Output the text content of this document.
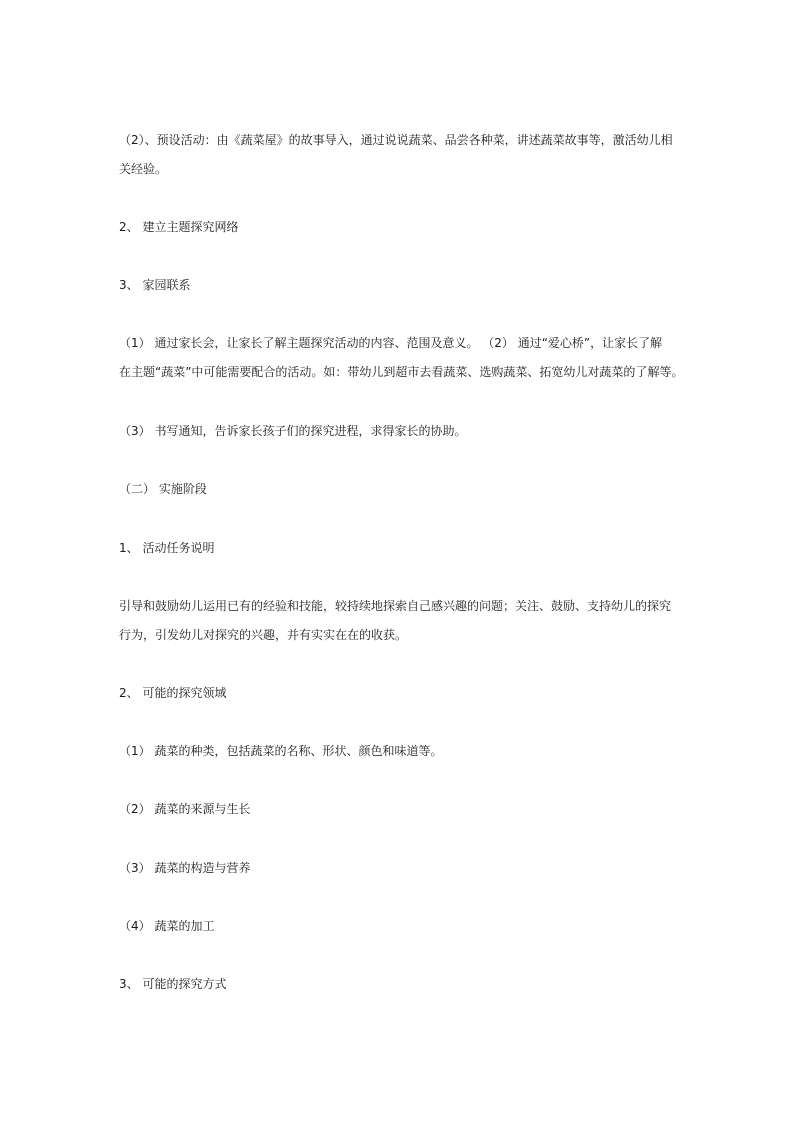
（2）、预设活动：由《蔬菜屋》的故事导入，通过说说蔬菜、品尝各种菜，讲述蔬菜故事等，激活幼儿相
关经验。
2、 建立主题探究网络
3、 家园联系
（1） 通过家长会，让家长了解主题探究活动的内容、范围及意义。 （2） 通过“爱心桥”，让家长了解
在主题“蔬菜”中可能需要配合的活动。如：带幼儿到超市去看蔬菜、选购蔬菜、拓宽幼儿对蔬菜的了解等。
（3） 书写通知，告诉家长孩子们的探究进程，求得家长的协助。
（二） 实施阶段
1、 活动任务说明
引导和鼓励幼儿运用已有的经验和技能，较持续地探索自己感兴趣的问题；关注、鼓励、支持幼儿的探究
行为，引发幼儿对探究的兴趣，并有实实在在的收获。
2、 可能的探究领域
（1） 蔬菜的种类，包括蔬菜的名称、形状、颜色和味道等。
（2） 蔬菜的来源与生长
（3） 蔬菜的构造与营养
（4） 蔬菜的加工
3、 可能的探究方式
